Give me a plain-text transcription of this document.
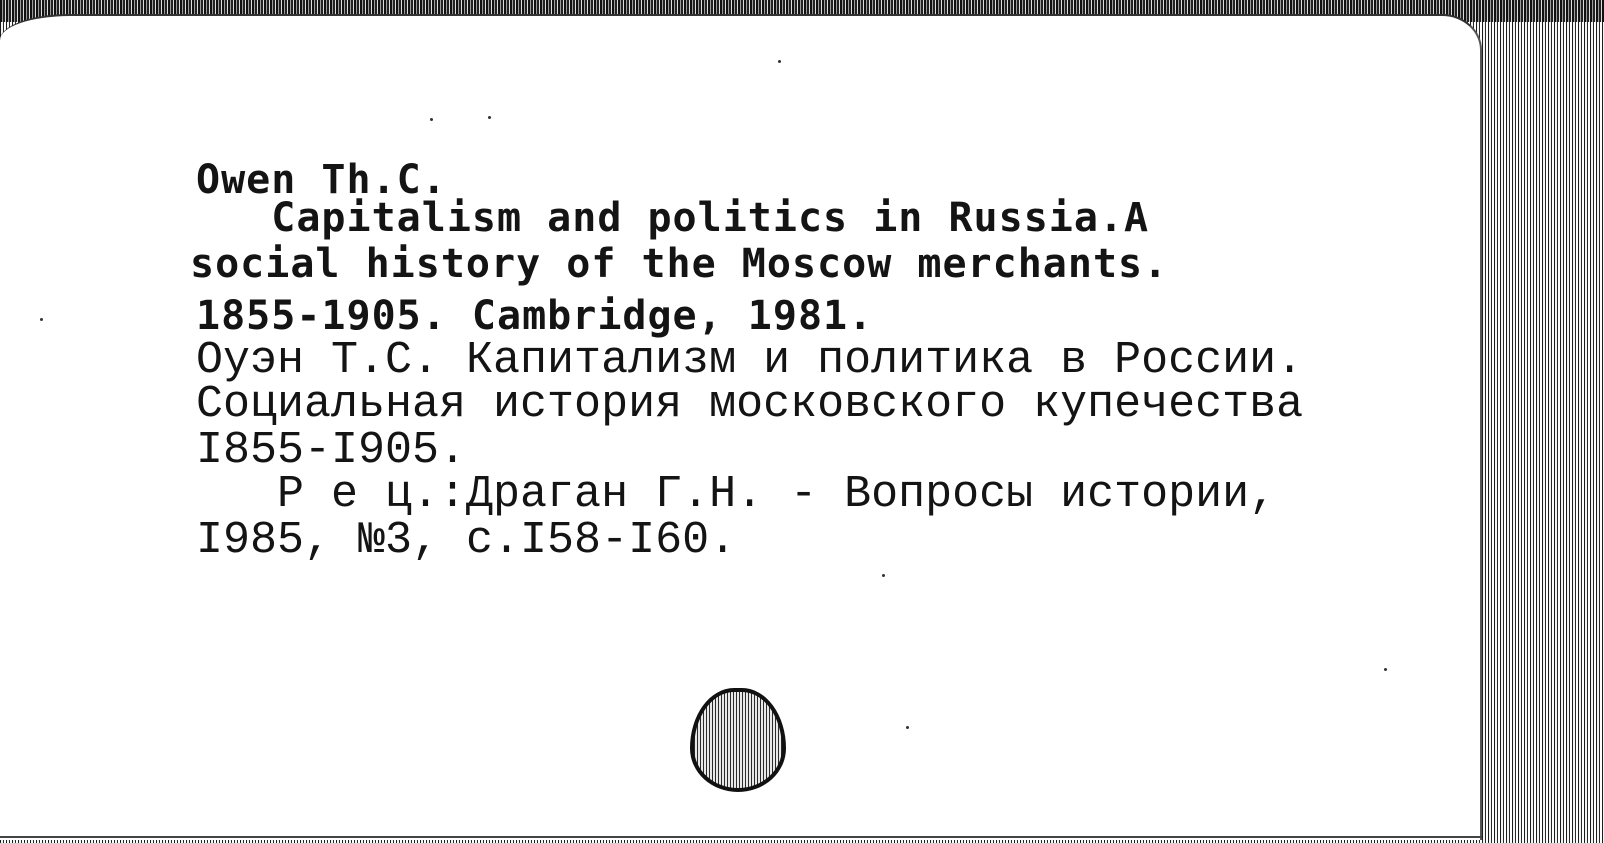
Owen Th.C.
Capitalism and politics in Russia.A
social history of the Moscow merchants.
1855-1905. Cambridge, 1981.
Оуэн Т.С. Капитализм и политика в России.
Социальная история московского купечества
I855-I905.
Р е ц.:Драган Г.Н. - Вопросы истории,
I985, №3, с.I58-I60.
